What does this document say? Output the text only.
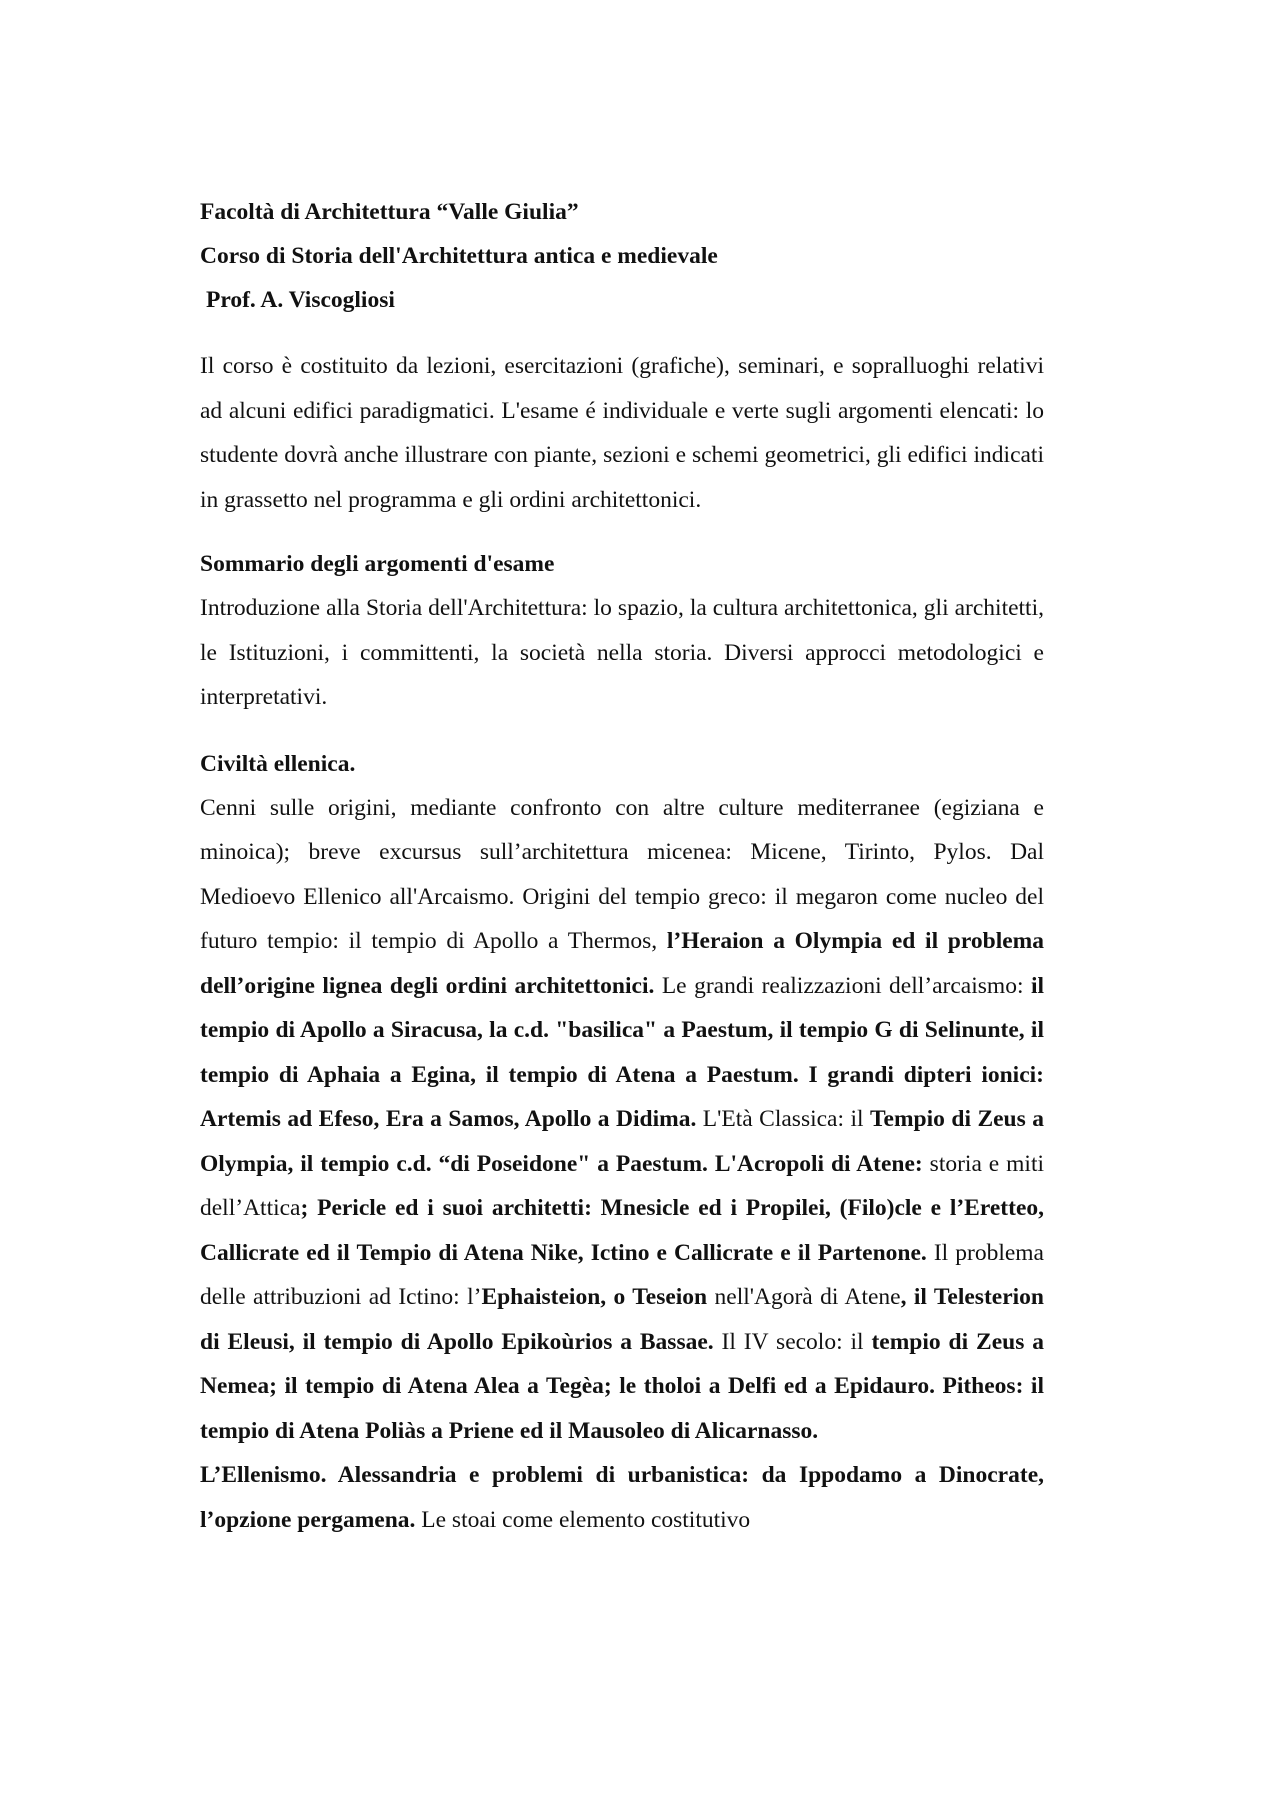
Facoltà di Architettura “Valle Giulia”
Corso di Storia dell'Architettura antica e medievale
Prof. A. Viscogliosi

Il corso è costituito da lezioni, esercitazioni (grafiche), seminari, e sopralluoghi relativi ad alcuni edifici paradigmatici. L'esame é individuale e verte sugli argomenti elencati: lo studente dovrà anche illustrare con piante, sezioni e schemi geometrici, gli edifici indicati in grassetto nel programma e gli ordini architettonici.

Sommario degli argomenti d'esame

Introduzione alla Storia dell'Architettura: lo spazio, la cultura architettonica, gli architetti, le Istituzioni, i committenti, la società nella storia. Diversi approcci metodologici e interpretativi.

Civiltà ellenica.

Cenni sulle origini, mediante confronto con altre culture mediterranee (egiziana e minoica); breve excursus sull’architettura micenea: Micene, Tirinto, Pylos. Dal Medioevo Ellenico all'Arcaismo. Origini del tempio greco: il megaron come nucleo del futuro tempio: il tempio di Apollo a Thermos, l’Heraion a Olympia ed il problema dell’origine lignea degli ordini architettonici. Le grandi realizzazioni dell’arcaismo: il tempio di Apollo a Siracusa, la c.d. "basilica" a Paestum, il tempio G di Selinunte, il tempio di Aphaia a Egina, il tempio di Atena a Paestum. I grandi dipteri ionici: Artemis ad Efeso, Era a Samos, Apollo a Didima. L'Età Classica: il Tempio di Zeus a Olympia, il tempio c.d. “di Poseidone" a Paestum. L'Acropoli di Atene: storia e miti dell’Attica; Pericle ed i suoi architetti: Mnesicle ed i Propilei, (Filo)cle e l’Eretteo, Callicrate ed il Tempio di Atena Nike, Ictino e Callicrate e il Partenone. Il problema delle attribuzioni ad Ictino: l’Ephaisteion, o Teseion nell'Agorà di Atene, il Telesterion di Eleusi, il tempio di Apollo Epikoùrios a Bassae. Il IV secolo: il tempio di Zeus a Nemea; il tempio di Atena Alea a Tegèa; le tholoi a Delfi ed a Epidauro. Pitheos: il tempio di Atena Poliàs a Priene ed il Mausoleo di Alicarnasso.

L’Ellenismo. Alessandria e problemi di urbanistica: da Ippodamo a Dinocrate, l’opzione pergamena. Le stoai come elemento costitutivo
